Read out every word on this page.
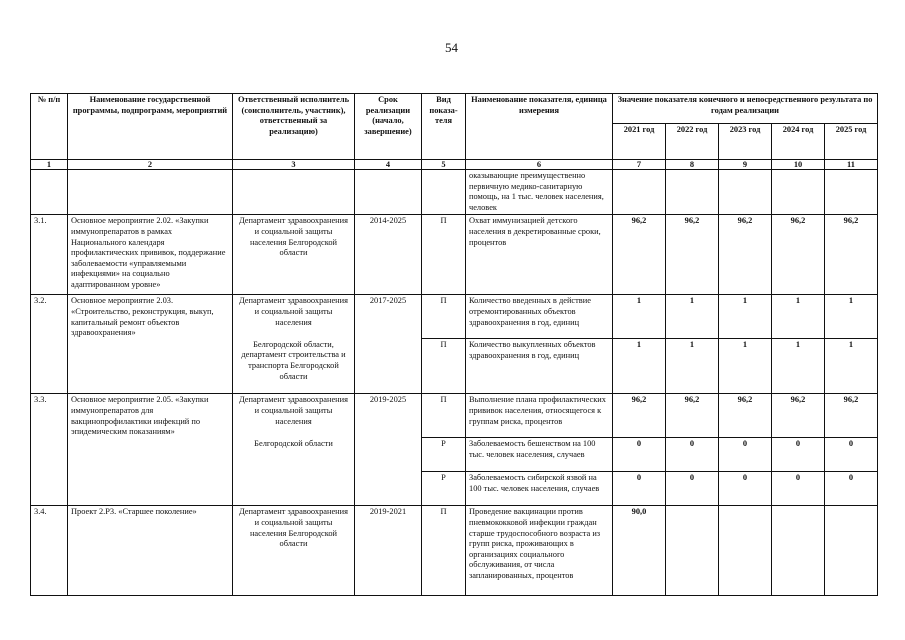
54
№ п/п	Наименование государственной программы, подпрограмм, мероприятий	Ответственный исполнитель (соисполнитель, участник), ответственный за реализацию)	Срок реализации (начало, завершение)	Вид показа-теля	Наименование показателя, единица измерения	Значение показателя конечного и непосредственного результата по годам реализации				
						2021 год	2022 год	2023 год	2024 год	2025 год
1	2	3	4	5	6	7	8	9	10	11
					оказывающие преимущественно первичную медико-санитарную помощь, на 1 тыс. человек населения, человек					
3.1.	Основное мероприятие 2.02. «Закупки иммунопрепаратов в рамках Национального календаря профилактических прививок, поддержание заболеваемости «управляемыми инфекциями» на социально адаптированном уровне»	Департамент здравоохранения и социальной защиты населения Белгородской области	2014-2025	П	Охват иммунизацией детского населения в декретированные сроки, процентов	96,2	96,2	96,2	96,2	96,2
3.2.	Основное мероприятие 2.03. «Строительство, реконструкция, выкуп, капитальный ремонт объектов здравоохранения»	Департамент здравоохранения и социальной защиты населения	2017-2025	П	Количество введенных в действие отремонтированных объектов здравоохранения в год, единиц	1	1	1	1	1
		Белгородской области, департамент строительства и транспорта Белгородской области		П	Количество выкупленных объектов здравоохранения в год, единиц	1	1	1	1	1
3.3.	Основное мероприятие 2.05. «Закупки иммунопрепаратов для вакцинопрофилактики инфекций по эпидемическим показаниям»	Департамент здравоохранения и социальной защиты населения	2019-2025	П	Выполнение плана профилактических прививок населения, относящегося к группам риска, процентов	96,2	96,2	96,2	96,2	96,2
		Белгородской области		Р	Заболеваемость бешенством на 100 тыс. человек населения, случаев	0	0	0	0	0
				Р	Заболеваемость сибирской язвой на 100 тыс. человек населения, случаев	0	0	0	0	0
3.4.	Проект 2.Р3. «Старшее поколение»	Департамент здравоохранения и социальной защиты населения Белгородской области	2019-2021	П	Проведение вакцинации против пневмококковой инфекции граждан старше трудоспособного возраста из групп риска, проживающих в организациях социального обслуживания, от числа запланированных, процентов	90,0				
